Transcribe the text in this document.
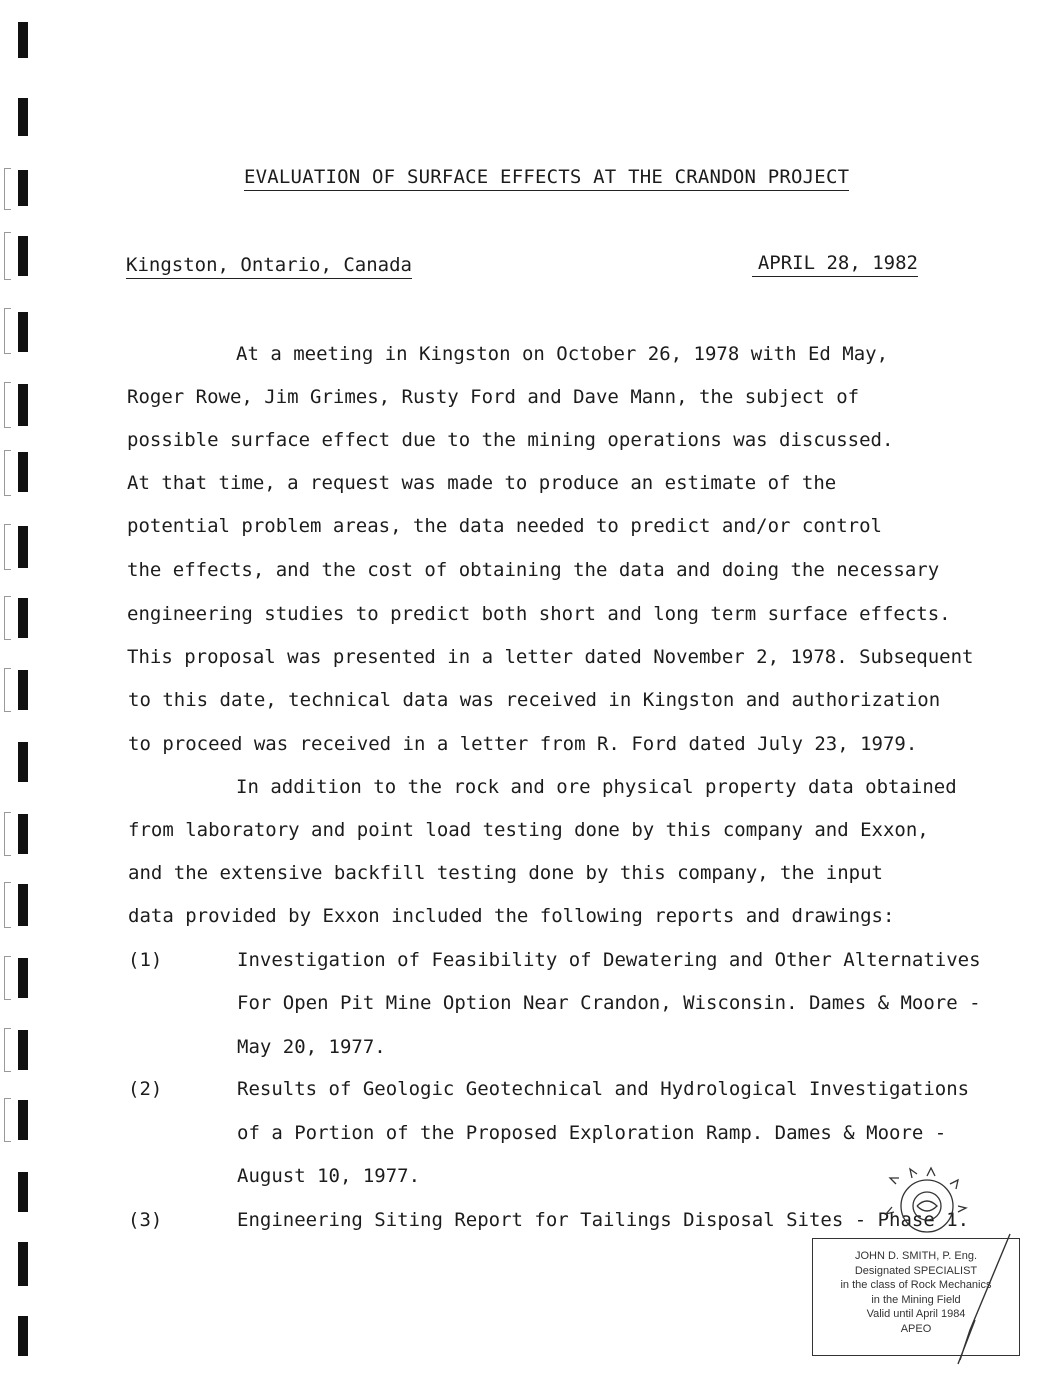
EVALUATION OF SURFACE EFFECTS AT THE CRANDON PROJECT
Kingston, Ontario, Canada	APRIL 28, 1982
At a meeting in Kingston on October 26, 1978 with Ed May,
Roger Rowe, Jim Grimes, Rusty Ford and Dave Mann, the subject of
possible surface effect due to the mining operations was discussed.
At that time, a request was made to produce an estimate of the
potential problem areas, the data needed to predict and/or control
the effects, and the cost of obtaining the data and doing the necessary
engineering studies to predict both short and long term surface effects.
This proposal was presented in a letter dated November 2, 1978. Subsequent
to this date, technical data was received in Kingston and authorization
to proceed was received in a letter from R. Ford dated July 23, 1979.
In addition to the rock and ore physical property data obtained
from laboratory and point load testing done by this company and Exxon,
and the extensive backfill testing done by this company, the input
data provided by Exxon included the following reports and drawings:
(1)	Investigation of Feasibility of Dewatering and Other Alternatives
For Open Pit Mine Option Near Crandon, Wisconsin. Dames & Moore -
May 20, 1977.
(2)	Results of Geologic Geotechnical and Hydrological Investigations
of a Portion of the Proposed Exploration Ramp. Dames & Moore -
August 10, 1977.
(3)	Engineering Siting Report for Tailings Disposal Sites - Phase 1.
JOHN D. SMITH, P. Eng.
Designated SPECIALIST
in the class of Rock Mechanics
in the Mining Field
Valid until April 1984
APEO
